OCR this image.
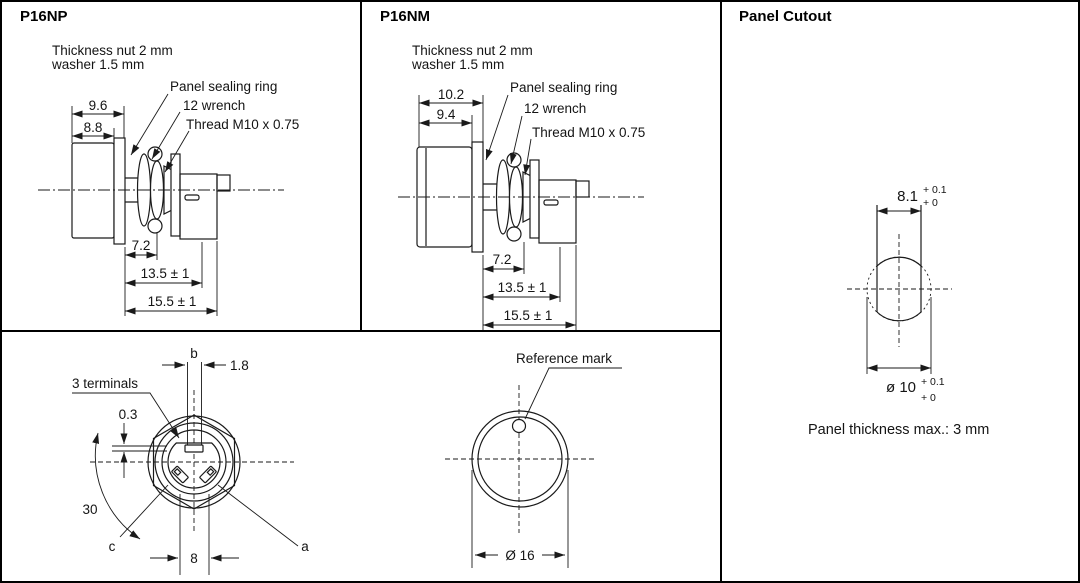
P16NP
Thickness nut 2 mm
washer 1.5 mm
Panel sealing ring
12 wrench
Thread M10 x 0.75
9.6
8.8
7.2
13.5 ± 1
15.5 ± 1
P16NM
Thickness nut 2 mm
washer 1.5 mm
Panel sealing ring
12 wrench
Thread M10 x 0.75
10.2
9.4
7.2
13.5 ± 1
15.5 ± 1
Panel Cutout
8.1 + 0.1
+ 0
ø 10 + 0.1
+ 0
Panel thickness max.: 3 mm
b
1.8
3 terminals
0.3
30
c	a
8
Reference mark
Ø 16
